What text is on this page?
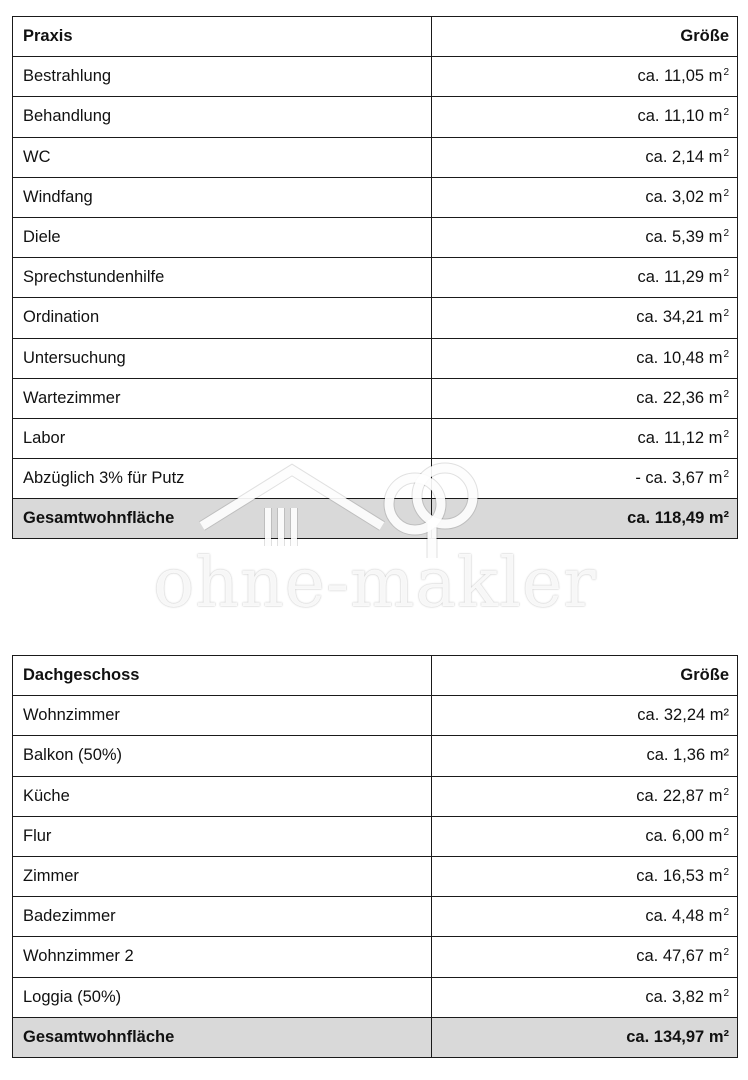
Praxis	Größe
Bestrahlung	ca. 11,05 $m^2$
Behandlung	ca. 11,10 $m^2$
WC	ca. 2,14 $m^2$
Windfang	ca. 3,02 $m^2$
Diele	ca. 5,39 $m^2$
Sprechstundenhilfe	ca. 11,29 $m^2$
Ordination	ca. 34,21 $m^2$
Untersuchung	ca. 10,48 $m^2$
Wartezimmer	ca. 22,36 $m^2$
Labor	ca. 11,12 $m^2$
Abzüglich 3% für Putz	- ca. 3,67 $m^2$
Gesamtwohnfläche	ca. 118,49 m²
ohne-makler
Dachgeschoss	Größe
Wohnzimmer	ca. 32,24 m²
Balkon (50%)	ca. 1,36 m²
Küche	ca. 22,87 $m^2$
Flur	ca. 6,00 $m^2$
Zimmer	ca. 16,53 $m^2$
Badezimmer	ca. 4,48 $m^2$
Wohnzimmer 2	ca. 47,67 $m^2$
Loggia (50%)	ca. 3,82 $m^2$
Gesamtwohnfläche	ca. 134,97 m²
